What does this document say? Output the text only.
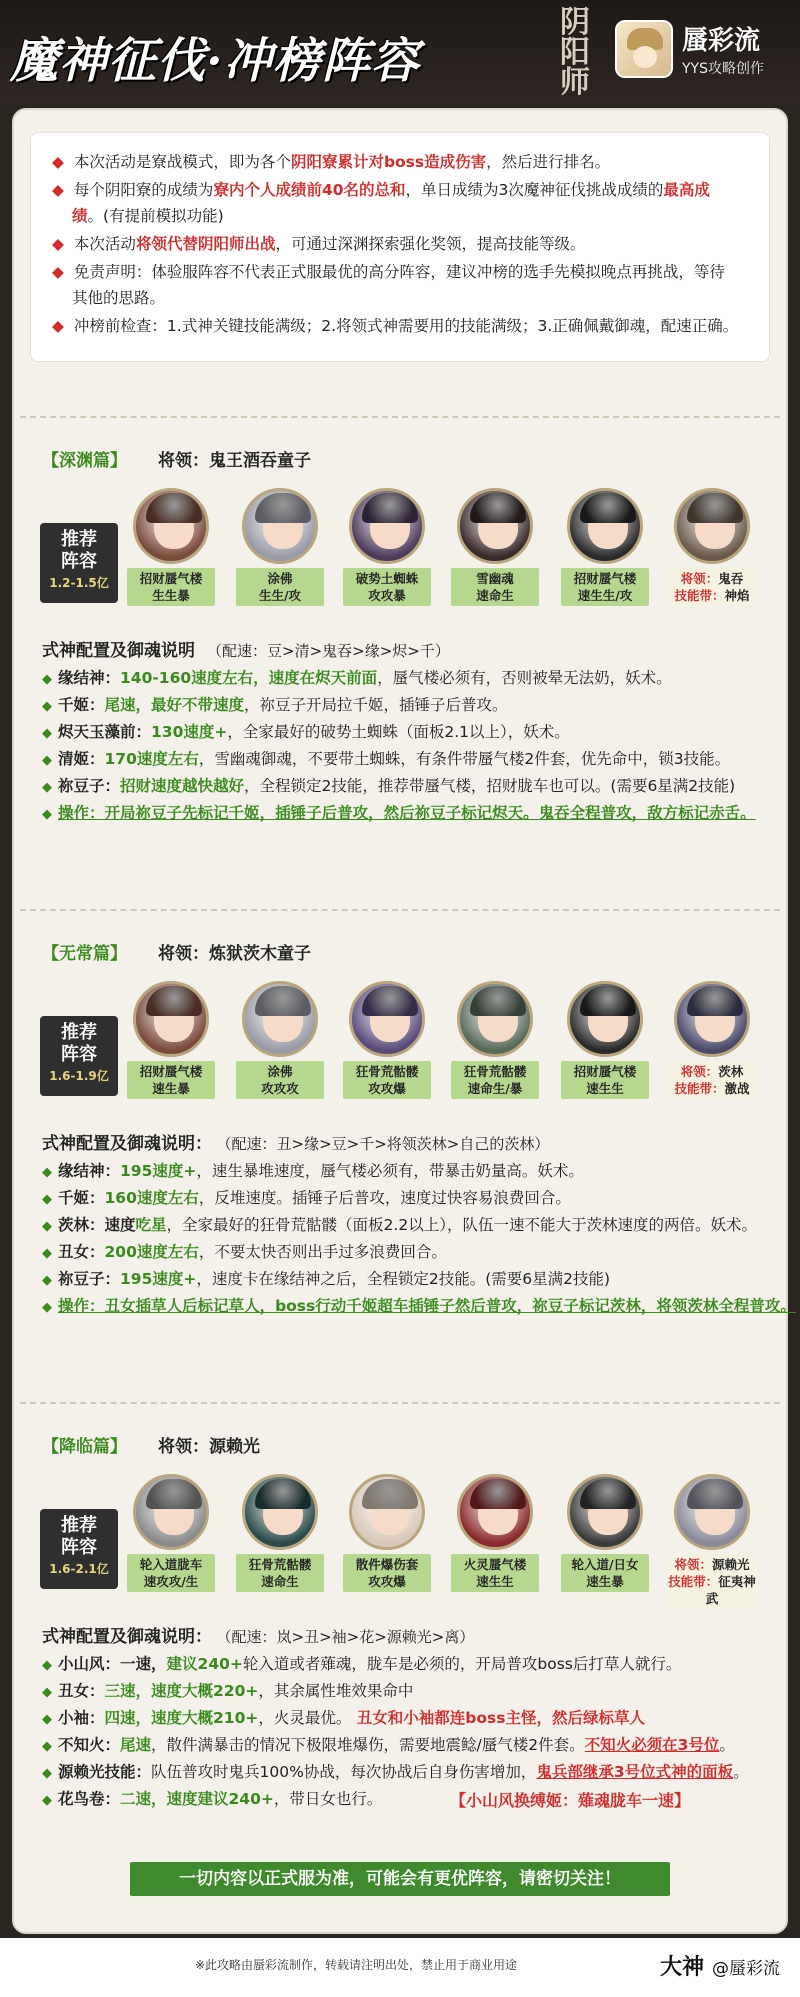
魔神征伐·冲榜阵容
阴阳师
蜃彩流
YYS攻略创作
◆ 本次活动是寮战模式，即为各个阴阳寮累计对boss造成伤害，然后进行排名。
◆ 每个阴阳寮的成绩为寮内个人成绩前40名的总和，单日成绩为3次魔神征伐挑战成绩的最高成
绩。(有提前模拟功能)
◆ 本次活动将领代替阴阳师出战，可通过深渊探索强化奖领，提高技能等级。
◆ 免责声明：体验服阵容不代表正式服最优的高分阵容，建议冲榜的选手先模拟晚点再挑战，等待
其他的思路。
◆ 冲榜前检查：1.式神关键技能满级；2.将领式神需要用的技能满级；3.正确佩戴御魂，配速正确。
【深渊篇】 将领：鬼王酒吞童子
推荐
阵容
1.2-1.5亿	招财蜃气楼
生生暴
涂佛
生生/攻
破势土蜘蛛
攻攻暴
雪幽魂
速命生
招财蜃气楼
速生生/攻
将领：鬼吞
技能带：神焰
式神配置及御魂说明 （配速：豆>清>鬼吞>缘>烬>千）
◆ 缘结神：140-160速度左右，速度在烬天前面，蜃气楼必须有，否则被晕无法奶，妖术。
◆ 千姬：尾速，最好不带速度，祢豆子开局拉千姬，插锤子后普攻。
◆ 烬天玉藻前：130速度+，全家最好的破势土蜘蛛（面板2.1以上），妖术。
◆ 清姬：170速度左右，雪幽魂御魂，不要带土蜘蛛，有条件带蜃气楼2件套，优先命中，锁3技能。
◆ 祢豆子：招财速度越快越好，全程锁定2技能，推荐带蜃气楼，招财胧车也可以。(需要6星满2技能)
◆ 操作：开局祢豆子先标记千姬，插锤子后普攻，然后祢豆子标记烬天。鬼吞全程普攻，敌方标记赤舌。
【无常篇】 将领：炼狱茨木童子
推荐
阵容
1.6-1.9亿	招财蜃气楼
速生暴
涂佛
攻攻攻
狂骨荒骷髅
攻攻爆
狂骨荒骷髅
速命生/暴
招财蜃气楼
速生生
将领：茨林
技能带：激战
式神配置及御魂说明： （配速：丑>缘>豆>千>将领茨林>自己的茨林）
◆ 缘结神：195速度+，速生暴堆速度，蜃气楼必须有，带暴击奶量高。妖术。
◆ 千姬：160速度左右，反堆速度。插锤子后普攻，速度过快容易浪费回合。
◆ 茨林：速度吃星，全家最好的狂骨荒骷髅（面板2.2以上），队伍一速不能大于茨林速度的两倍。妖术。
◆ 丑女：200速度左右，不要太快否则出手过多浪费回合。
◆ 祢豆子：195速度+，速度卡在缘结神之后，全程锁定2技能。(需要6星满2技能)
◆ 操作：丑女插草人后标记草人，boss行动千姬超车插锤子然后普攻，祢豆子标记茨林，将领茨林全程普攻。
【降临篇】 将领：源赖光
推荐
阵容
1.6-2.1亿	轮入道胧车
速攻攻/生
狂骨荒骷髅
速命生
散件爆伤套
攻攻爆
火灵蜃气楼
速生生
轮入道/日女
速生暴
将领：源赖光
技能带：征夷神武
式神配置及御魂说明： （配速：岚>丑>袖>花>源赖光>离）
◆ 小山风：一速，建议240+轮入道或者薙魂，胧车是必须的，开局普攻boss后打草人就行。
◆ 丑女：三速，速度大概220+，其余属性堆效果命中
◆ 小袖：四速，速度大概210+，火灵最优。 丑女和小袖都连boss主怪，然后绿标草人
◆ 不知火：尾速，散件满暴击的情况下极限堆爆伤，需要地震鲶/蜃气楼2件套。不知火必须在3号位。
◆ 源赖光技能：队伍普攻时鬼兵100%协战，每次协战后自身伤害增加，鬼兵部继承3号位式神的面板。
◆ 花鸟卷：二速，速度建议240+，带日女也行。	【小山风换缚姬：薙魂胧车一速】
一切内容以正式服为准，可能会有更优阵容，请密切关注！
※此攻略由蜃彩流制作，转载请注明出处，禁止用于商业用途	大神 @蜃彩流
